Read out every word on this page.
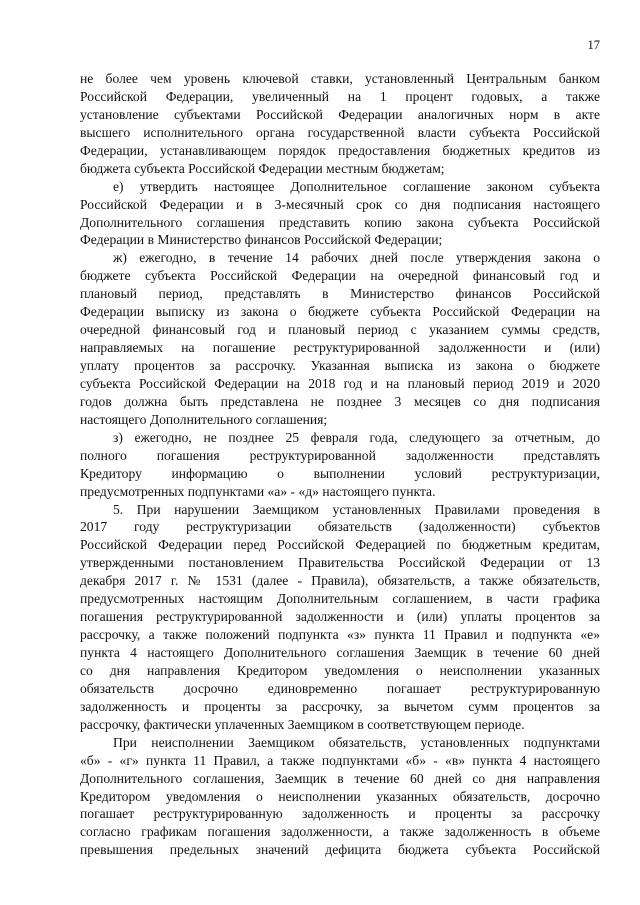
17
не более чем уровень ключевой ставки, установленный Центральным банком
Российской Федерации, увеличенный на 1 процент годовых, а также
установление субъектами Российской Федерации аналогичных норм в акте
высшего исполнительного органа государственной власти субъекта Российской
Федерации, устанавливающем порядок предоставления бюджетных кредитов из
бюджета субъекта Российской Федерации местным бюджетам;
е) утвердить настоящее Дополнительное соглашение законом субъекта
Российской Федерации и в 3-месячный срок со дня подписания настоящего
Дополнительного соглашения представить копию закона субъекта Российской
Федерации в Министерство финансов Российской Федерации;
ж) ежегодно, в течение 14 рабочих дней после утверждения закона о
бюджете субъекта Российской Федерации на очередной финансовый год и
плановый период, представлять в Министерство финансов Российской
Федерации выписку из закона о бюджете субъекта Российской Федерации на
очередной финансовый год и плановый период с указанием суммы средств,
направляемых на погашение реструктурированной задолженности и (или)
уплату процентов за рассрочку. Указанная выписка из закона о бюджете
субъекта Российской Федерации на 2018 год и на плановый период 2019 и 2020
годов должна быть представлена не позднее 3 месяцев со дня подписания
настоящего Дополнительного соглашения;
з) ежегодно, не позднее 25 февраля года, следующего за отчетным, до
полного погашения реструктурированной задолженности представлять
Кредитору информацию о выполнении условий реструктуризации,
предусмотренных подпунктами «а» - «д» настоящего пункта.
5. При нарушении Заемщиком установленных Правилами проведения в
2017 году реструктуризации обязательств (задолженности) субъектов
Российской Федерации перед Российской Федерацией по бюджетным кредитам,
утвержденными постановлением Правительства Российской Федерации от 13
декабря 2017 г. № 1531 (далее - Правила), обязательств, а также обязательств,
предусмотренных настоящим Дополнительным соглашением, в части графика
погашения реструктурированной задолженности и (или) уплаты процентов за
рассрочку, а также положений подпункта «з» пункта 11 Правил и подпункта «е»
пункта 4 настоящего Дополнительного соглашения Заемщик в течение 60 дней
со дня направления Кредитором уведомления о неисполнении указанных
обязательств досрочно единовременно погашает реструктурированную
задолженность и проценты за рассрочку, за вычетом сумм процентов за
рассрочку, фактически уплаченных Заемщиком в соответствующем периоде.
При неисполнении Заемщиком обязательств, установленных подпунктами
«б» - «г» пункта 11 Правил, а также подпунктами «б» - «в» пункта 4 настоящего
Дополнительного соглашения, Заемщик в течение 60 дней со дня направления
Кредитором уведомления о неисполнении указанных обязательств, досрочно
погашает реструктурированную задолженность и проценты за рассрочку
согласно графикам погашения задолженности, а также задолженность в объеме
превышения предельных значений дефицита бюджета субъекта Российской
